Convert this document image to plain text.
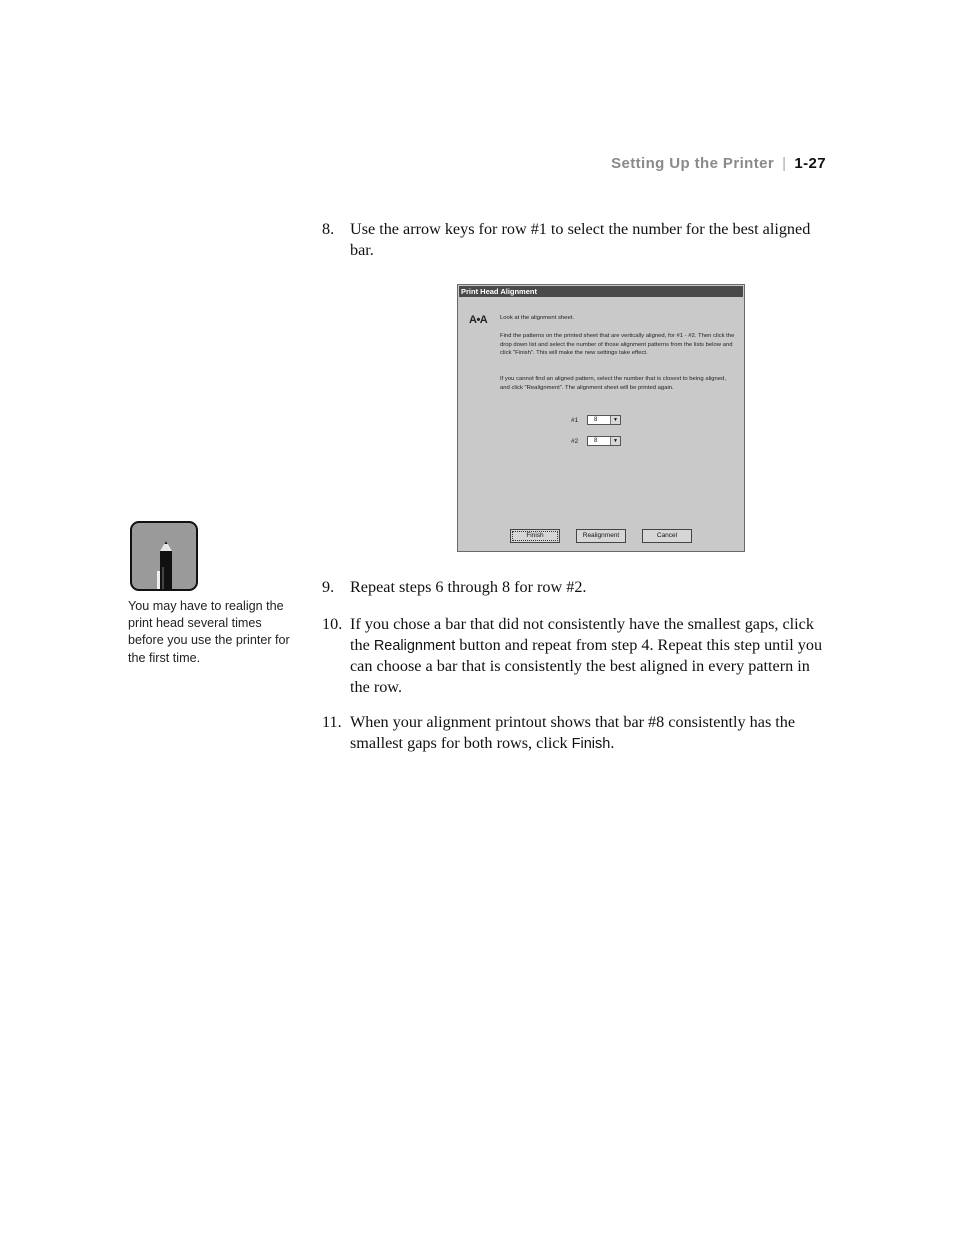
Setting Up the Printer | 1-27
8. Use the arrow keys for row #1 to select the number for the best aligned bar.
Print Head Alignment
A•A Look at the alignment sheet.
Find the patterns on the printed sheet that are vertically aligned, for #1 - #2. Then click the drop down list and select the number of those alignment patterns from the lists below and click "Finish". This will make the new settings take effect.
If you cannot find an aligned pattern, select the number that is closest to being aligned, and click "Realignment". The alignment sheet will be printed again.
#1	8	▼
#2	8	▼
Finish	Realignment	Cancel
You may have to realign the print head several times before you use the printer for the first time.
9. Repeat steps 6 through 8 for row #2.
10. If you chose a bar that did not consistently have the smallest gaps, click the Realignment button and repeat from step 4. Repeat this step until you can choose a bar that is consistently the best aligned in every pattern in the row.
11. When your alignment printout shows that bar #8 consistently has the smallest gaps for both rows, click Finish.
